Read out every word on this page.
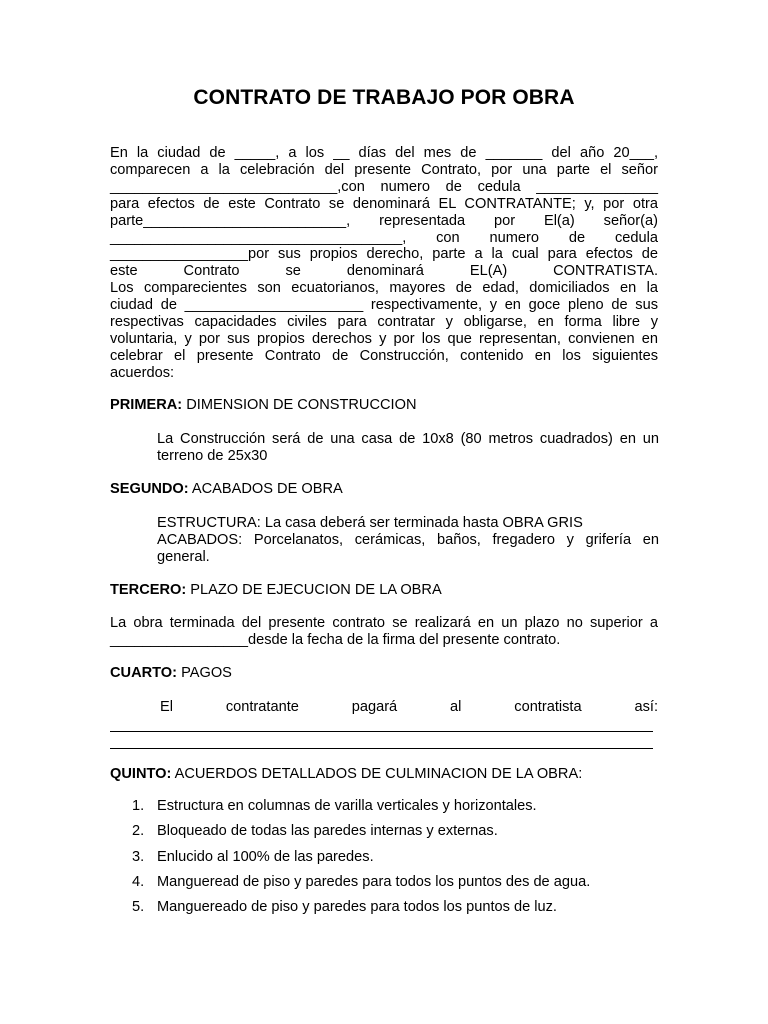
CONTRATO DE TRABAJO POR OBRA
En la ciudad de _____, a los __ días del mes de _______ del año 20___,
comparecen a la celebración del presente Contrato, por una parte el señor
____________________________,con numero de cedula _______________
para efectos de este Contrato se denominará EL CONTRATANTE; y, por otra
parte_________________________, representada por El(a) señor(a)
____________________________________, con numero de cedula
_________________por sus propios derecho, parte a la cual para efectos de
este Contrato se denominará EL(A) CONTRATISTA.
Los comparecientes son ecuatorianos, mayores de edad, domiciliados en la
ciudad de ______________________ respectivamente, y en goce pleno de sus
respectivas capacidades civiles para contratar y obligarse, en forma libre y
voluntaria, y por sus propios derechos y por los que representan, convienen en
celebrar el presente Contrato de Construcción, contenido en los siguientes
acuerdos:
PRIMERA: DIMENSION DE CONSTRUCCION
La Construcción será de una casa de 10x8 (80 metros cuadrados) en un
terreno de 25x30
SEGUNDO: ACABADOS DE OBRA
ESTRUCTURA: La casa deberá ser terminada hasta OBRA GRIS
ACABADOS: Porcelanatos, cerámicas, baños, fregadero y grifería en
general.
TERCERO: PLAZO DE EJECUCION DE LA OBRA
La obra terminada del presente contrato se realizará en un plazo no superior a
_________________desde la fecha de la firma del presente contrato.
CUARTO: PAGOS
El contratante pagará al contratista así:
QUINTO: ACUERDOS DETALLADOS DE CULMINACION DE LA OBRA:
1. Estructura en columnas de varilla verticales y horizontales.
2. Bloqueado de todas las paredes internas y externas.
3. Enlucido al 100% de las paredes.
4. Mangueread de piso y paredes para todos los puntos des de agua.
5. Manguereado de piso y paredes para todos los puntos de luz.
